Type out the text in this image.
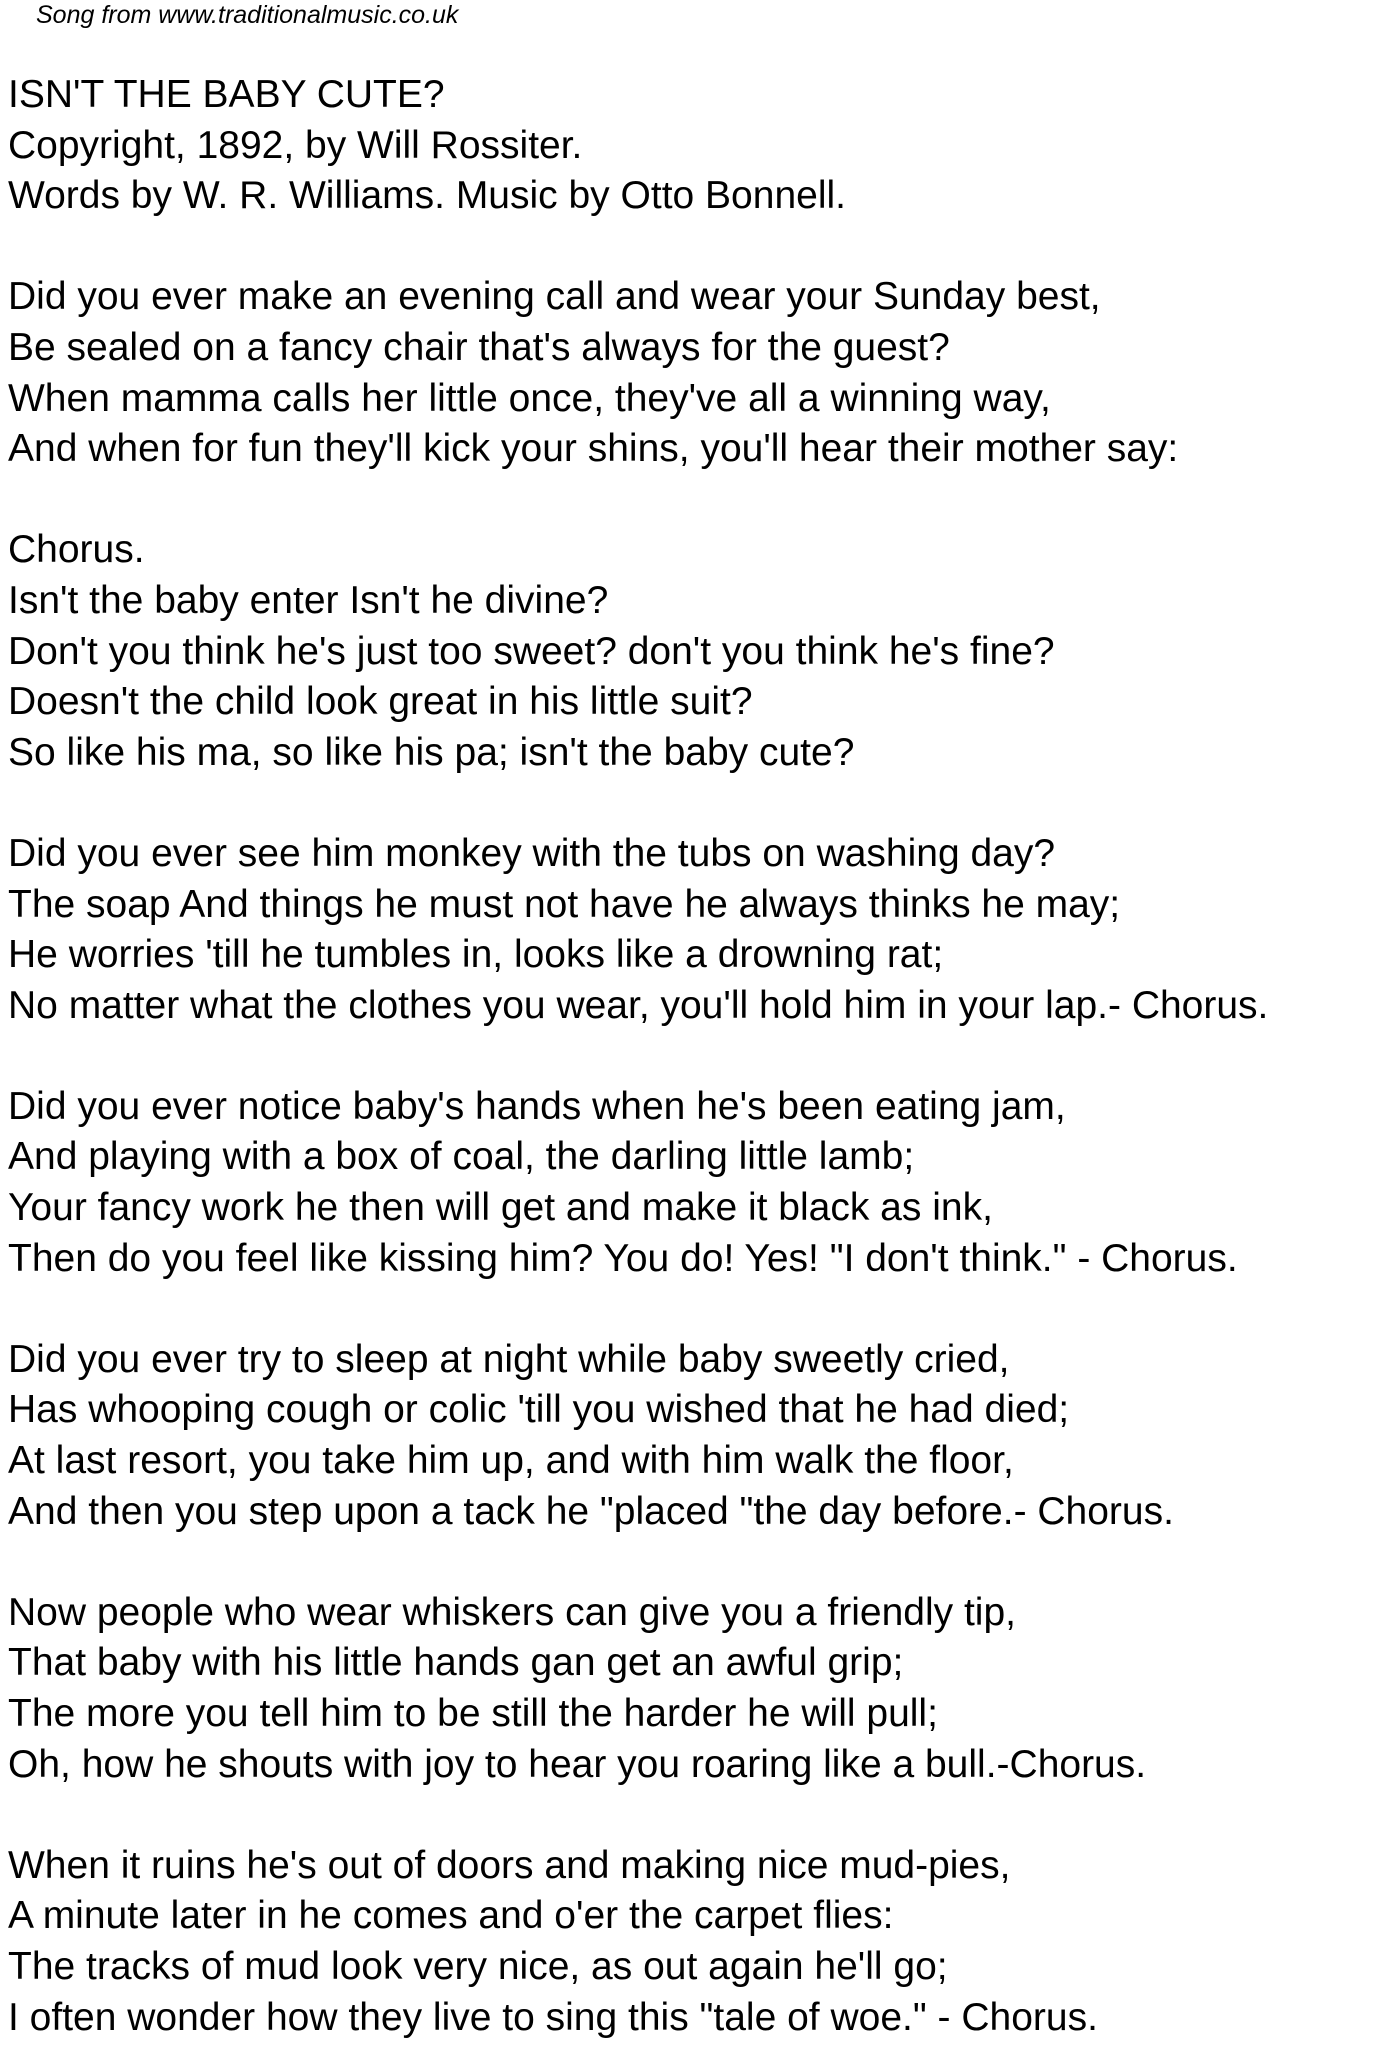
Song from www.traditionalmusic.co.uk
ISN'T THE BABY CUTE?
Copyright, 1892, by Will Rossiter.
Words by W. R. Williams. Music by Otto Bonnell.
Did you ever make an evening call and wear your Sunday best,
Be sealed on a fancy chair that's always for the guest?
When mamma calls her little once, they've all a winning way,
And when for fun they'll kick your shins, you'll hear their mother say:
Chorus.
Isn't the baby enter Isn't he divine?
Don't you think he's just too sweet? don't you think he's fine?
Doesn't the child look great in his little suit?
So like his ma, so like his pa; isn't the baby cute?
Did you ever see him monkey with the tubs on washing day?
The soap And things he must not have he always thinks he may;
He worries 'till he tumbles in, looks like a drowning rat;
No matter what the clothes you wear, you'll hold him in your lap.- Chorus.
Did you ever notice baby's hands when he's been eating jam,
And playing with a box of coal, the darling little lamb;
Your fancy work he then will get and make it black as ink,
Then do you feel like kissing him? You do! Yes! "I don't think." - Chorus.
Did you ever try to sleep at night while baby sweetly cried,
Has whooping cough or colic 'till you wished that he had died;
At last resort, you take him up, and with him walk the floor,
And then you step upon a tack he "placed "the day before.- Chorus.
Now people who wear whiskers can give you a friendly tip,
That baby with his little hands gan get an awful grip;
The more you tell him to be still the harder he will pull;
Oh, how he shouts with joy to hear you roaring like a bull.-Chorus.
When it ruins he's out of doors and making nice mud-pies,
A minute later in he comes and o'er the carpet flies:
The tracks of mud look very nice, as out again he'll go;
I often wonder how they live to sing this "tale of woe." - Chorus.
